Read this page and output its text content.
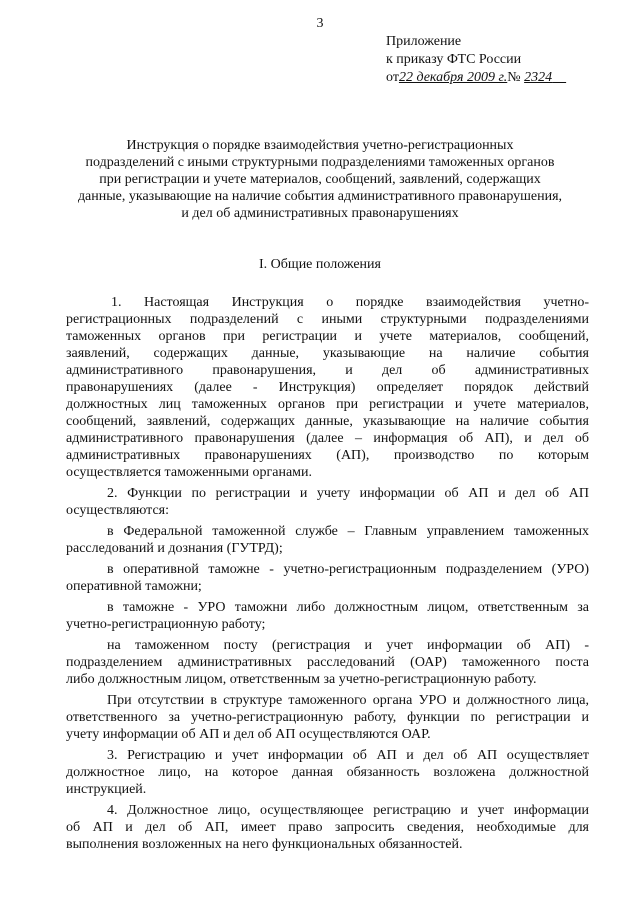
3
Приложение
к приказу ФТС России
от22 декабря 2009 г.№ 2324
Инструкция о порядке взаимодействия учетно-регистрационных
подразделений с иными структурными подразделениями таможенных органов
при регистрации и учете материалов, сообщений, заявлений, содержащих
данные, указывающие на наличие события административного правонарушения,
и дел об административных правонарушениях
I. Общие положения
1. Настоящая Инструкция о порядке взаимодействия учетно-
регистрационных подразделений с иными структурными подразделениями
таможенных органов при регистрации и учете материалов, сообщений,
заявлений, содержащих данные, указывающие на наличие события
административного правонарушения, и дел об административных
правонарушениях (далее - Инструкция) определяет порядок действий
должностных лиц таможенных органов при регистрации и учете материалов,
сообщений, заявлений, содержащих данные, указывающие на наличие события
административного правонарушения (далее – информация об АП), и дел об
административных правонарушениях (АП), производство по которым
осуществляется таможенными органами.
2. Функции по регистрации и учету информации об АП и дел об АП
осуществляются:
в Федеральной таможенной службе – Главным управлением таможенных
расследований и дознания (ГУТРД);
в оперативной таможне - учетно-регистрационным подразделением (УРО)
оперативной таможни;
в таможне - УРО таможни либо должностным лицом, ответственным за
учетно-регистрационную работу;
на таможенном посту (регистрация и учет информации об АП) -
подразделением административных расследований (ОАР) таможенного поста
либо должностным лицом, ответственным за учетно-регистрационную работу.
При отсутствии в структуре таможенного органа УРО и должностного лица,
ответственного за учетно-регистрационную работу, функции по регистрации и
учету информации об АП и дел об АП осуществляются ОАР.
3. Регистрацию и учет информации об АП и дел об АП осуществляет
должностное лицо, на которое данная обязанность возложена должностной
инструкцией.
4. Должностное лицо, осуществляющее регистрацию и учет информации
об АП и дел об АП, имеет право запросить сведения, необходимые для
выполнения возложенных на него функциональных обязанностей.
